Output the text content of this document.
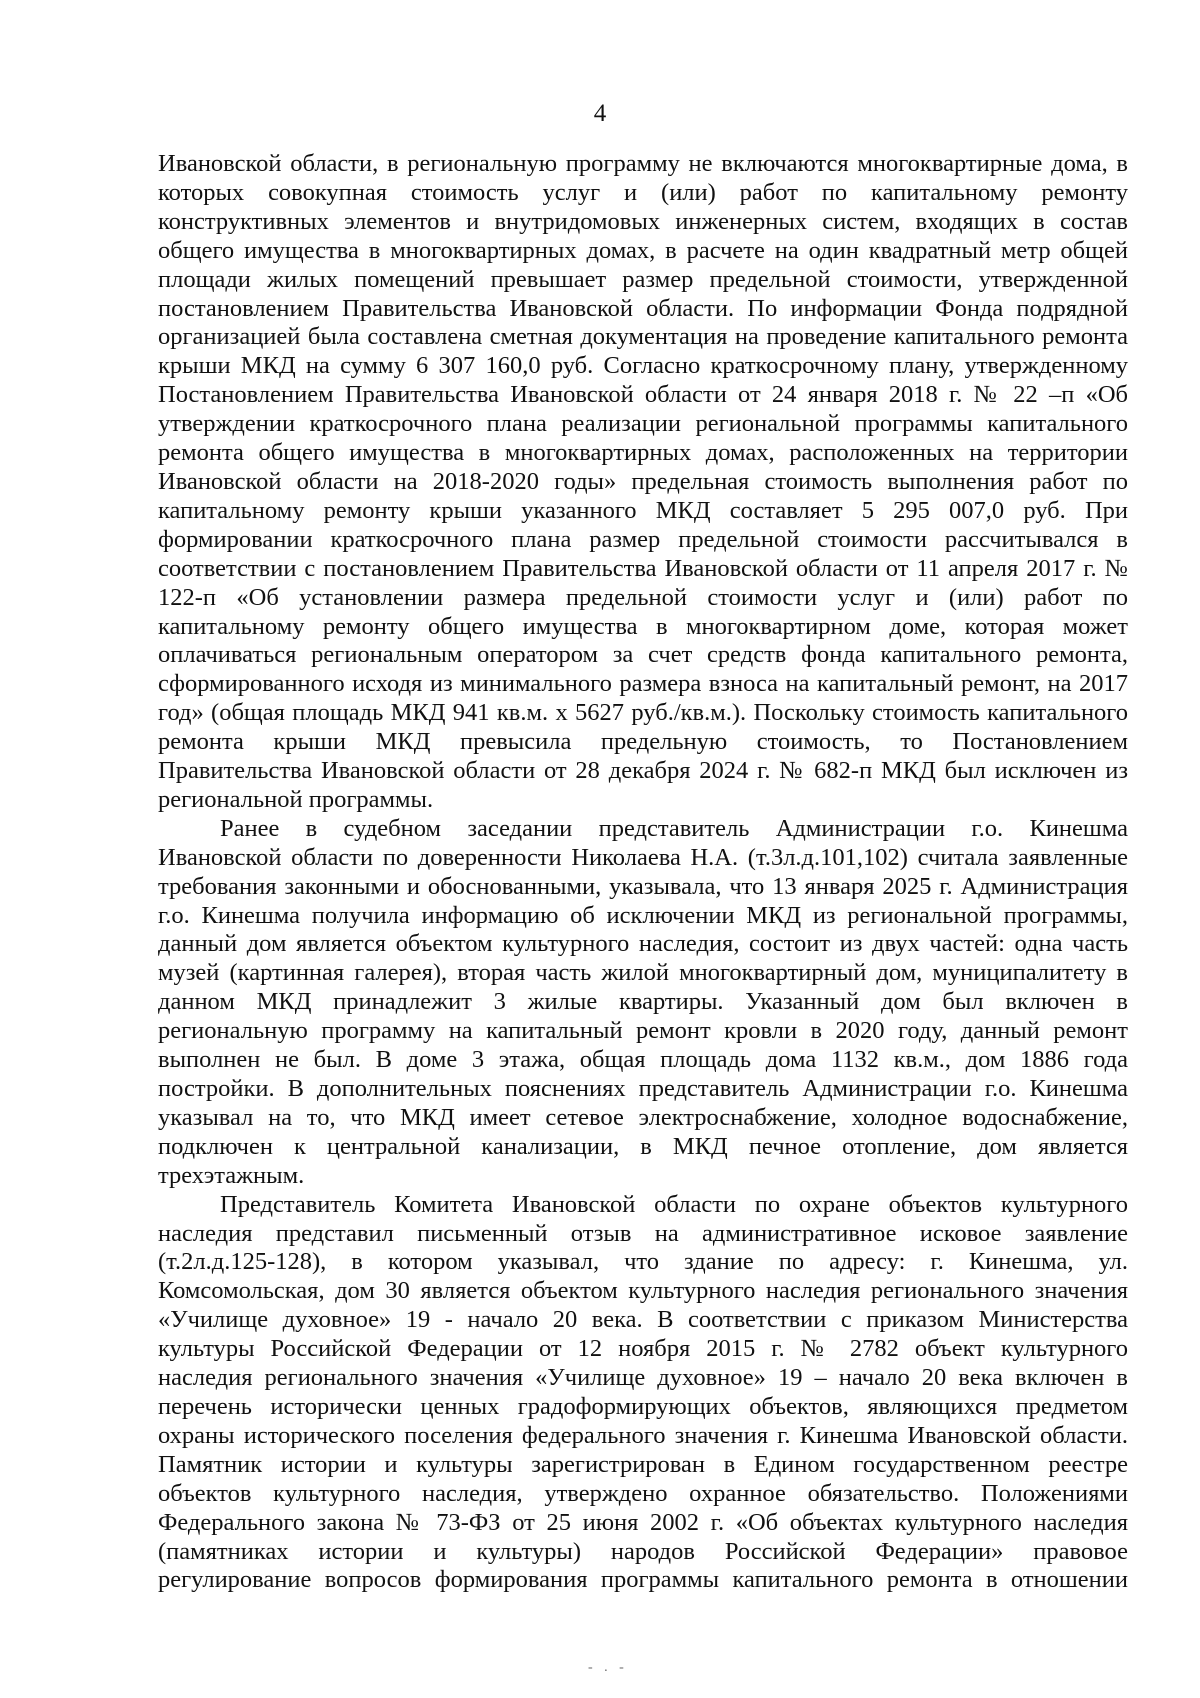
4

Ивановской области, в региональную программу не включаются многоквартирные дома, в
которых совокупная стоимость услуг и (или) работ по капитальному ремонту
конструктивных элементов и внутридомовых инженерных систем, входящих в состав
общего имущества в многоквартирных домах, в расчете на один квадратный метр общей
площади жилых помещений превышает размер предельной стоимости, утвержденной
постановлением Правительства Ивановской области. По информации Фонда подрядной
организацией была составлена сметная документация на проведение капитального ремонта
крыши МКД на сумму 6 307 160,0 руб. Согласно краткосрочному плану, утвержденному
Постановлением Правительства Ивановской области от 24 января 2018 г. № 22 –п «Об
утверждении краткосрочного плана реализации региональной программы капитального
ремонта общего имущества в многоквартирных домах, расположенных на территории
Ивановской области на 2018-2020 годы» предельная стоимость выполнения работ по
капитальному ремонту крыши указанного МКД составляет 5 295 007,0 руб. При
формировании краткосрочного плана размер предельной стоимости рассчитывался в
соответствии с постановлением Правительства Ивановской области от 11 апреля 2017 г. №
122-п «Об установлении размера предельной стоимости услуг и (или) работ по
капитальному ремонту общего имущества в многоквартирном доме, которая может
оплачиваться региональным оператором за счет средств фонда капитального ремонта,
сформированного исходя из минимального размера взноса на капитальный ремонт, на 2017
год» (общая площадь МКД 941 кв.м. х 5627 руб./кв.м.). Поскольку стоимость капитального
ремонта крыши МКД превысила предельную стоимость, то Постановлением
Правительства Ивановской области от 28 декабря 2024 г. № 682-п МКД был исключен из
региональной программы.

Ранее в судебном заседании представитель Администрации г.о. Кинешма
Ивановской области по доверенности Николаева Н.А. (т.3л.д.101,102) считала заявленные
требования законными и обоснованными, указывала, что 13 января 2025 г. Администрация
г.о. Кинешма получила информацию об исключении МКД из региональной программы,
данный дом является объектом культурного наследия, состоит из двух частей: одна часть
музей (картинная галерея), вторая часть жилой многоквартирный дом, муниципалитету в
данном МКД принадлежит 3 жилые квартиры. Указанный дом был включен в
региональную программу на капитальный ремонт кровли в 2020 году, данный ремонт
выполнен не был. В доме 3 этажа, общая площадь дома 1132 кв.м., дом 1886 года
постройки. В дополнительных пояснениях представитель Администрации г.о. Кинешма
указывал на то, что МКД имеет сетевое электроснабжение, холодное водоснабжение,
подключен к центральной канализации, в МКД печное отопление, дом является
трехэтажным.

Представитель Комитета Ивановской области по охране объектов культурного
наследия представил письменный отзыв на административное исковое заявление
(т.2л.д.125-128), в котором указывал, что здание по адресу: г. Кинешма, ул.
Комсомольская, дом 30 является объектом культурного наследия регионального значения
«Училище духовное» 19 - начало 20 века. В соответствии с приказом Министерства
культуры Российской Федерации от 12 ноября 2015 г. № 2782 объект культурного
наследия регионального значения «Училище духовное» 19 – начало 20 века включен в
перечень исторически ценных градоформирующих объектов, являющихся предметом
охраны исторического поселения федерального значения г. Кинешма Ивановской области.
Памятник истории и культуры зарегистрирован в Едином государственном реестре
объектов культурного наследия, утверждено охранное обязательство. Положениями
Федерального закона № 73-ФЗ от 25 июня 2002 г. «Об объектах культурного наследия
(памятниках истории и культуры) народов Российской Федерации» правовое
регулирование вопросов формирования программы капитального ремонта в отношении

- . -
